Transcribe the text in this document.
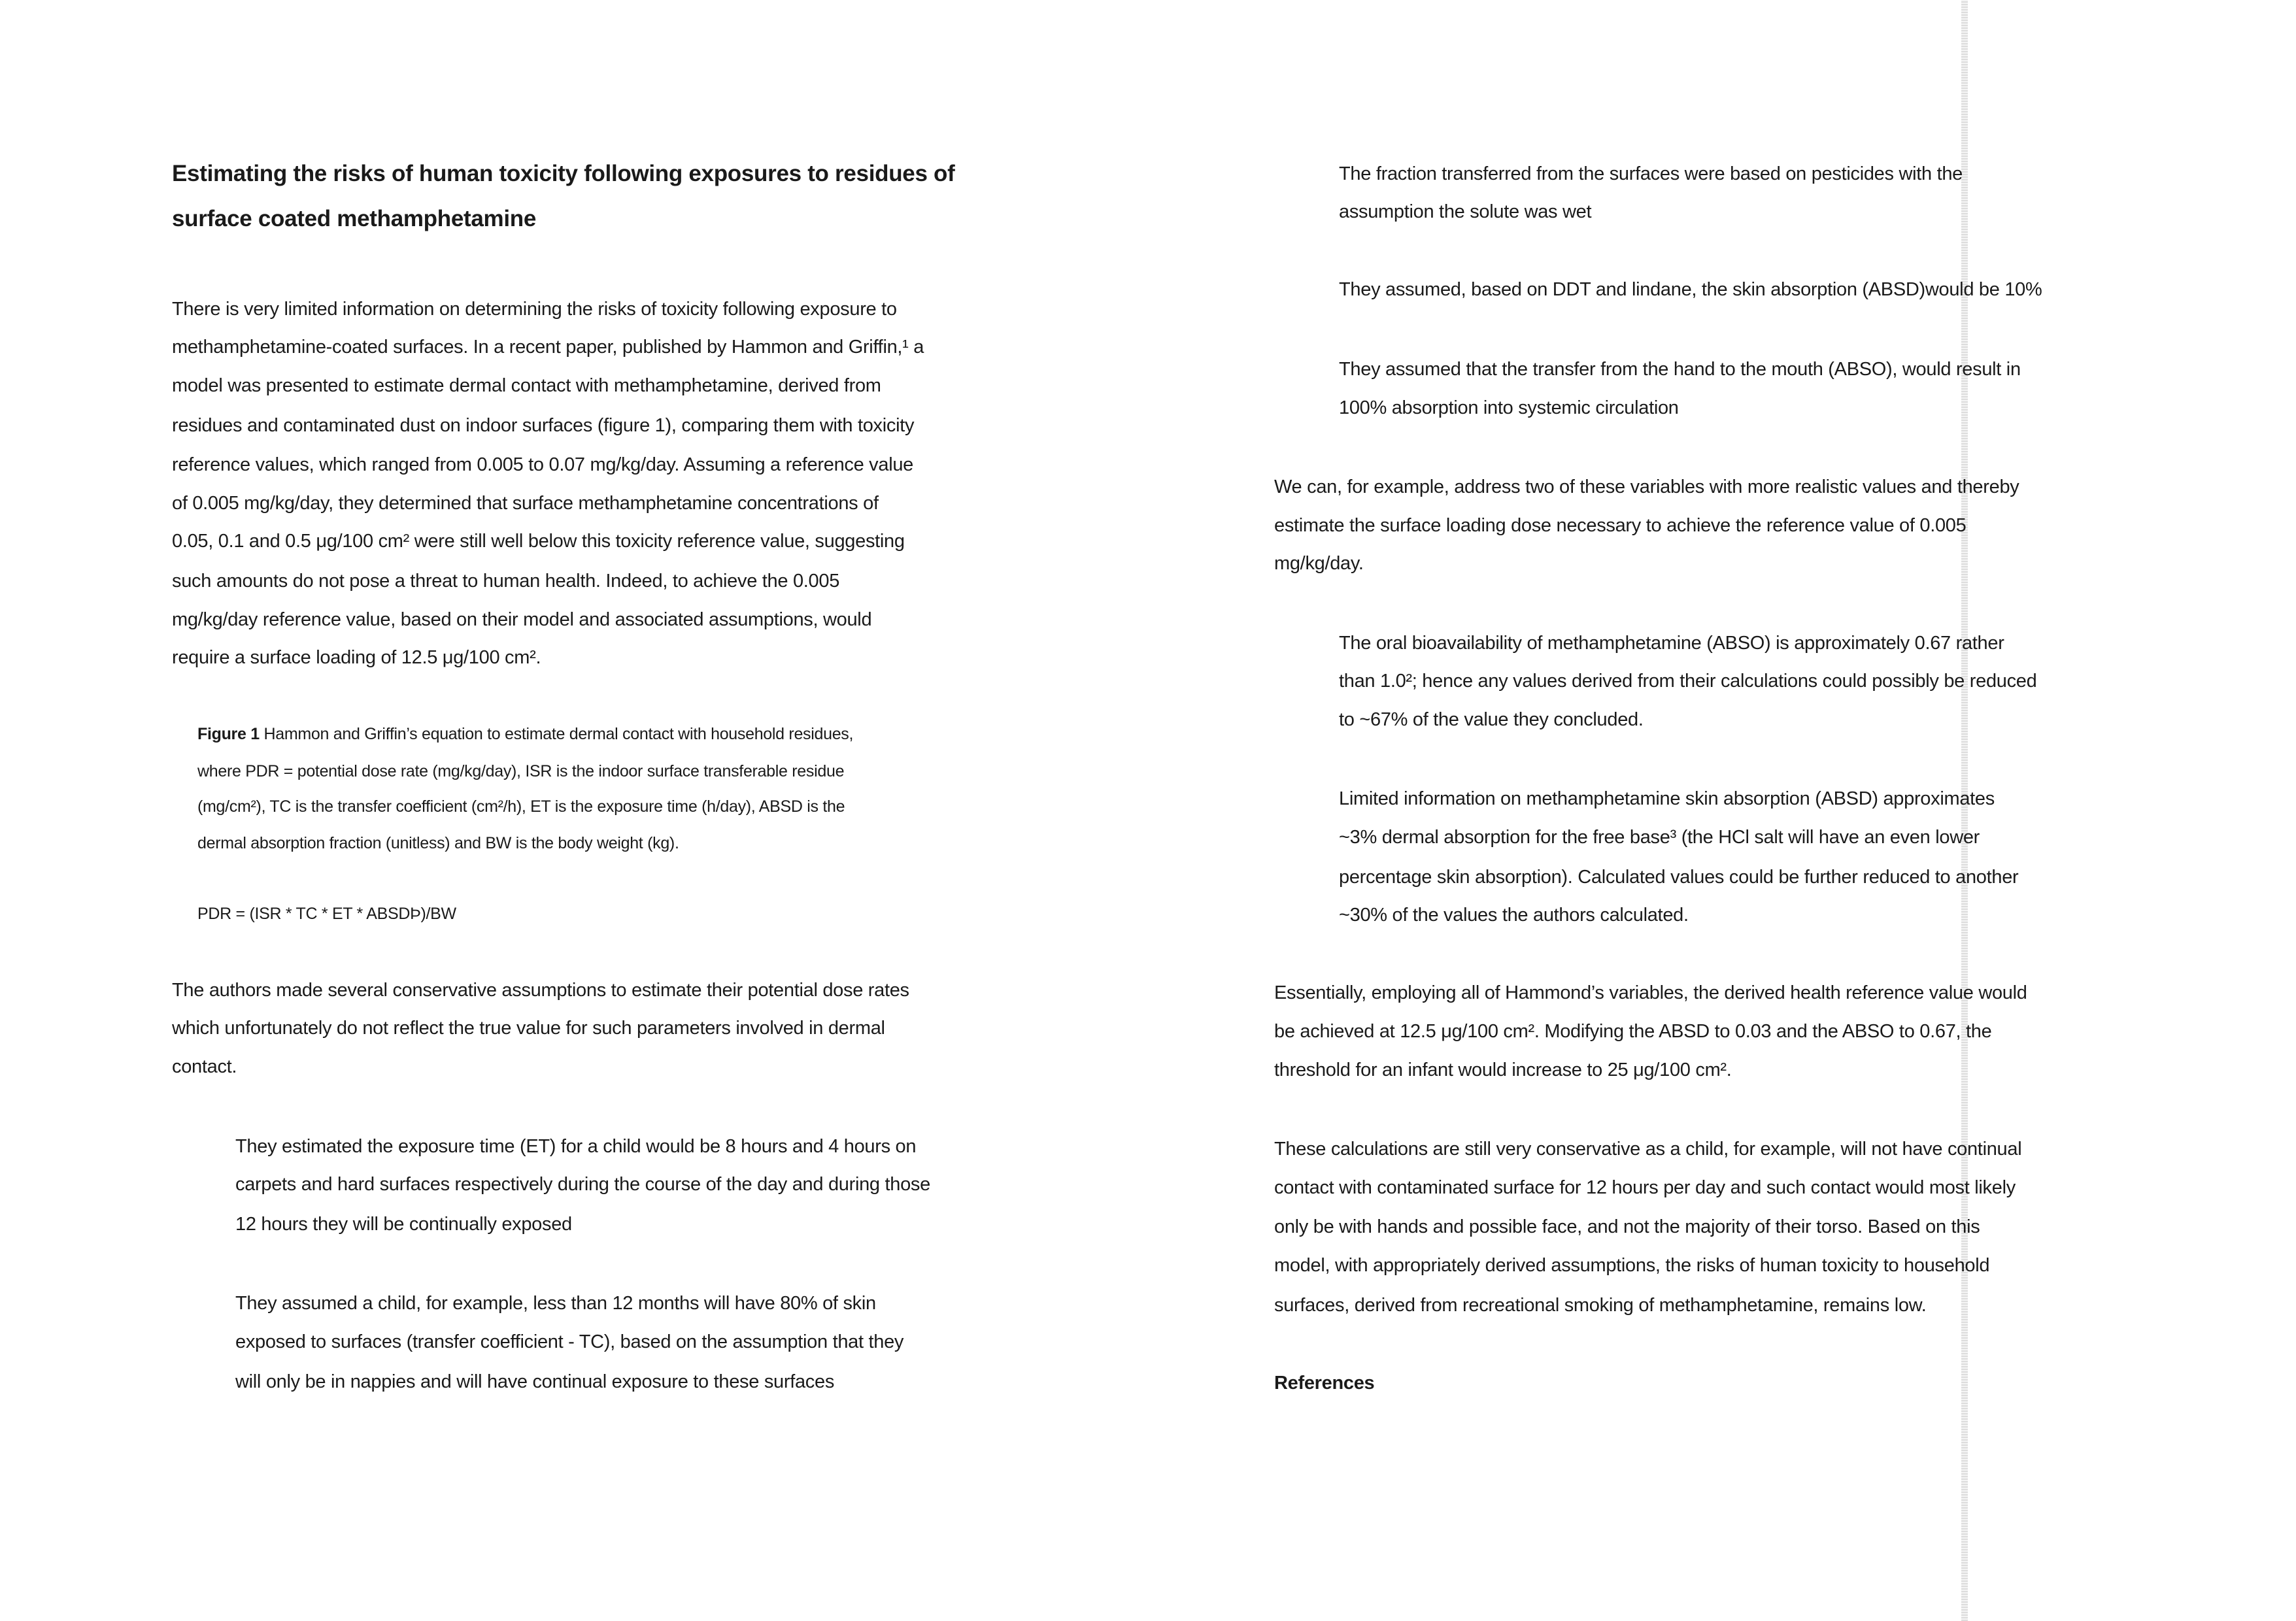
Estimating the risks of human toxicity following exposures to residues of
surface coated methamphetamine
There is very limited information on determining the risks of toxicity following exposure to
methamphetamine-coated surfaces. In a recent paper, published by Hammon and Griffin,¹ a
model was presented to estimate dermal contact with methamphetamine, derived from
residues and contaminated dust on indoor surfaces (figure 1), comparing them with toxicity
reference values, which ranged from 0.005 to 0.07 mg/kg/day. Assuming a reference value
of 0.005 mg/kg/day, they determined that surface methamphetamine concentrations of
0.05, 0.1 and 0.5 μg/100 cm² were still well below this toxicity reference value, suggesting
such amounts do not pose a threat to human health. Indeed, to achieve the 0.005
mg/kg/day reference value, based on their model and associated assumptions, would
require a surface loading of 12.5 μg/100 cm².
Figure 1 Hammon and Griffin’s equation to estimate dermal contact with household residues,
where PDR = potential dose rate (mg/kg/day), ISR is the indoor surface transferable residue
(mg/cm²), TC is the transfer coefficient (cm²/h), ET is the exposure time (h/day), ABSD is the
dermal absorption fraction (unitless) and BW is the body weight (kg).
PDR = (ISR * TC * ET * ABSDÞ)/BW
The authors made several conservative assumptions to estimate their potential dose rates
which unfortunately do not reflect the true value for such parameters involved in dermal
contact.
They estimated the exposure time (ET) for a child would be 8 hours and 4 hours on
carpets and hard surfaces respectively during the course of the day and during those
12 hours they will be continually exposed
They assumed a child, for example, less than 12 months will have 80% of skin
exposed to surfaces (transfer coefficient - TC), based on the assumption that they
will only be in nappies and will have continual exposure to these surfaces
The fraction transferred from the surfaces were based on pesticides with the
assumption the solute was wet
They assumed, based on DDT and lindane, the skin absorption (ABSD)would be 10%
They assumed that the transfer from the hand to the mouth (ABSO), would result in
100% absorption into systemic circulation
We can, for example, address two of these variables with more realistic values and thereby
estimate the surface loading dose necessary to achieve the reference value of 0.005
mg/kg/day.
The oral bioavailability of methamphetamine (ABSO) is approximately 0.67 rather
than 1.0²; hence any values derived from their calculations could possibly be reduced
to ~67% of the value they concluded.
Limited information on methamphetamine skin absorption (ABSD) approximates
~3% dermal absorption for the free base³ (the HCl salt will have an even lower
percentage skin absorption). Calculated values could be further reduced to another
~30% of the values the authors calculated.
Essentially, employing all of Hammond’s variables, the derived health reference value would
be achieved at 12.5 μg/100 cm². Modifying the ABSD to 0.03 and the ABSO to 0.67, the
threshold for an infant would increase to 25 μg/100 cm².
These calculations are still very conservative as a child, for example, will not have continual
contact with contaminated surface for 12 hours per day and such contact would most likely
only be with hands and possible face, and not the majority of their torso. Based on this
model, with appropriately derived assumptions, the risks of human toxicity to household
surfaces, derived from recreational smoking of methamphetamine, remains low.
References
